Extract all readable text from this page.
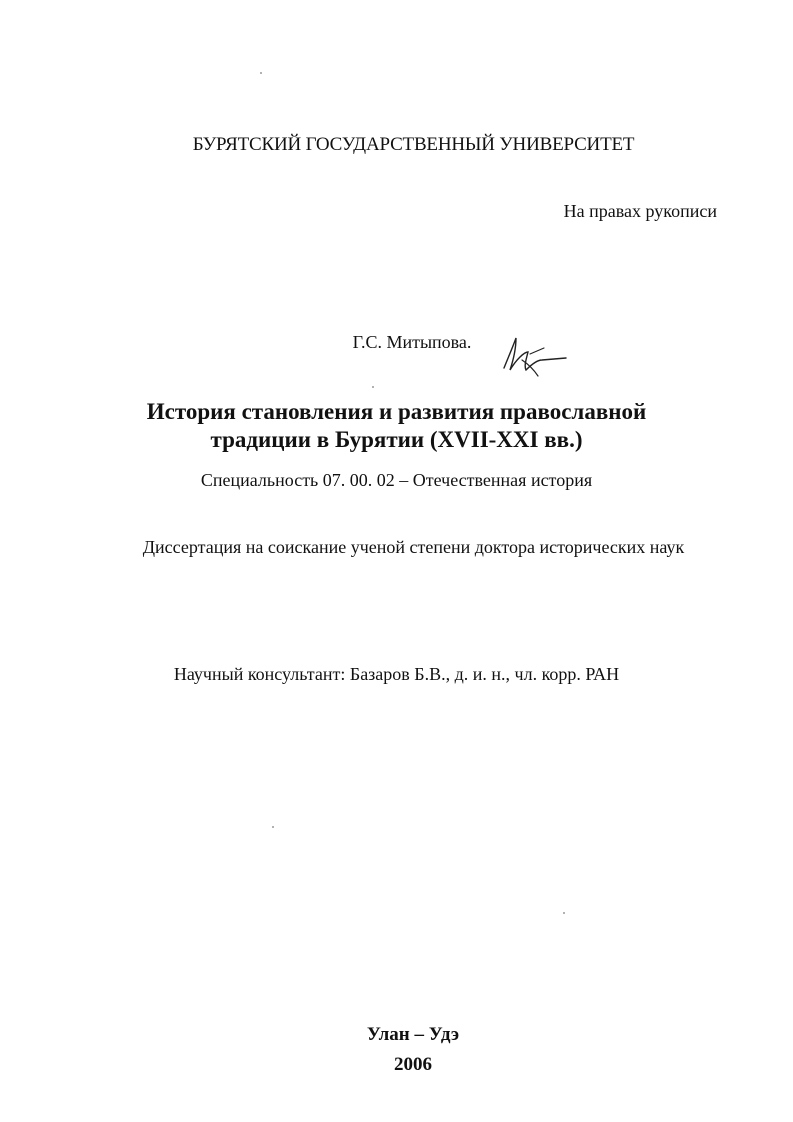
БУРЯТСКИЙ ГОСУДАРСТВЕННЫЙ УНИВЕРСИТЕТ
На правах рукописи
Г.С. Митыпова.
История становления и развития православной
традиции в Бурятии (XVII-XXI вв.)
Специальность 07. 00. 02 – Отечественная история
Диссертация на соискание ученой степени доктора исторических наук
Научный консультант: Базаров Б.В., д. и. н., чл. корр. РАН
Улан – Удэ
2006
